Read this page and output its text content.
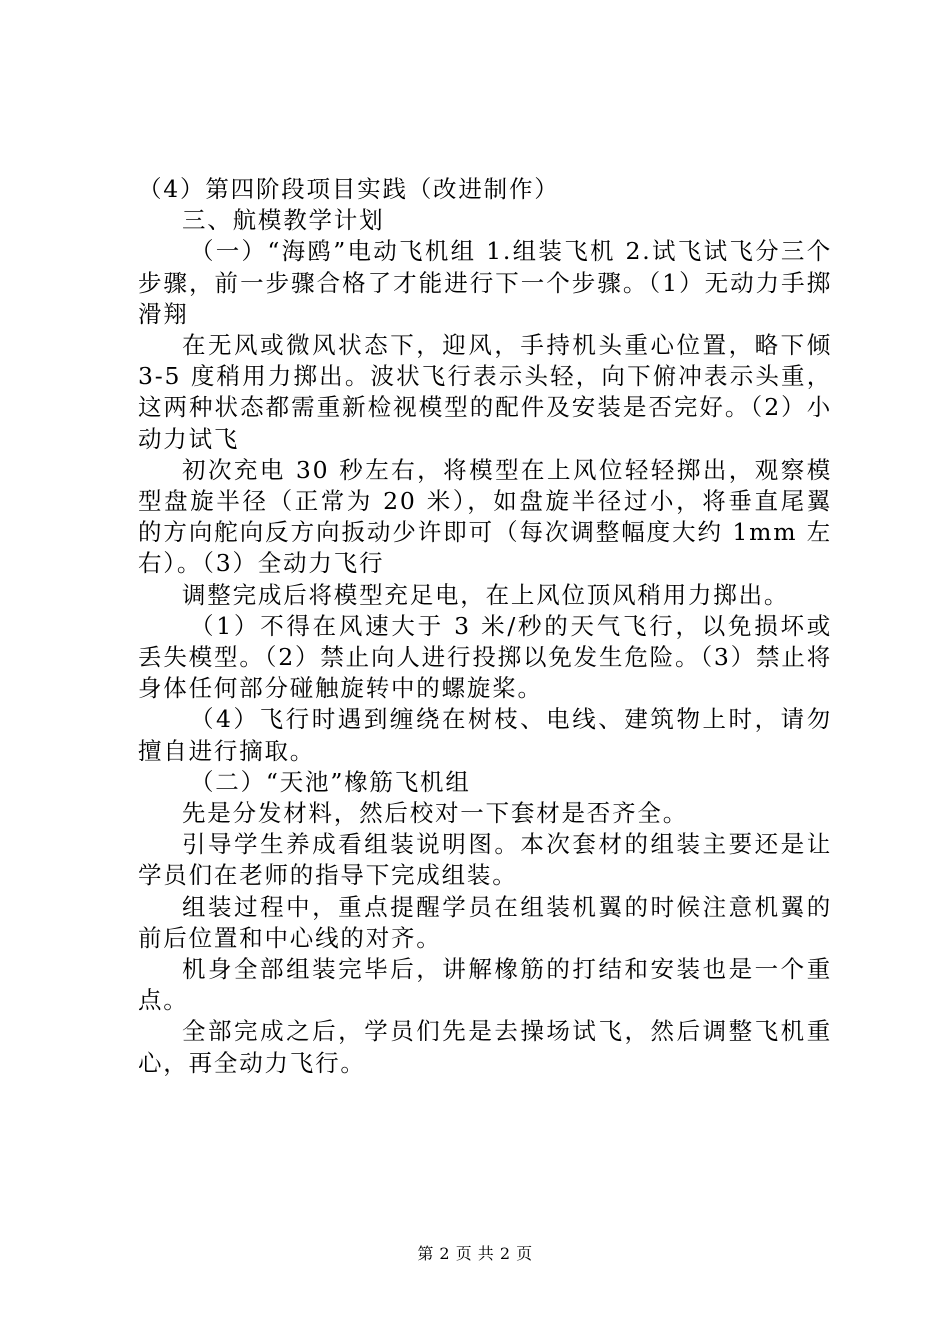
（4）第四阶段项目实践（改进制作）

三、航模教学计划

（一）“海鸥”电动飞机组 1.组装飞机 2.试飞试飞分三个步骤，前一步骤合格了才能进行下一个步骤。（1）无动力手掷滑翔

在无风或微风状态下，迎风，手持机头重心位置，略下倾 3-5 度稍用力掷出。波状飞行表示头轻，向下俯冲表示头重，这两种状态都需重新检视模型的配件及安装是否完好。（2）小动力试飞

初次充电 30 秒左右，将模型在上风位轻轻掷出，观察模型盘旋半径（正常为 20 米），如盘旋半径过小，将垂直尾翼的方向舵向反方向扳动少许即可（每次调整幅度大约 1mm 左右）。（3）全动力飞行

调整完成后将模型充足电，在上风位顶风稍用力掷出。

（1）不得在风速大于 3 米/秒的天气飞行，以免损坏或丢失模型。（2）禁止向人进行投掷以免发生危险。（3）禁止将身体任何部分碰触旋转中的螺旋桨。

（4）飞行时遇到缠绕在树枝、电线、建筑物上时，请勿擅自进行摘取。

（二）“天池”橡筋飞机组

先是分发材料，然后校对一下套材是否齐全。

引导学生养成看组装说明图。本次套材的组装主要还是让学员们在老师的指导下完成组装。

组装过程中，重点提醒学员在组装机翼的时候注意机翼的前后位置和中心线的对齐。

机身全部组装完毕后，讲解橡筋的打结和安装也是一个重点。

全部完成之后，学员们先是去操场试飞，然后调整飞机重心，再全动力飞行。

第 2 页 共 2 页
